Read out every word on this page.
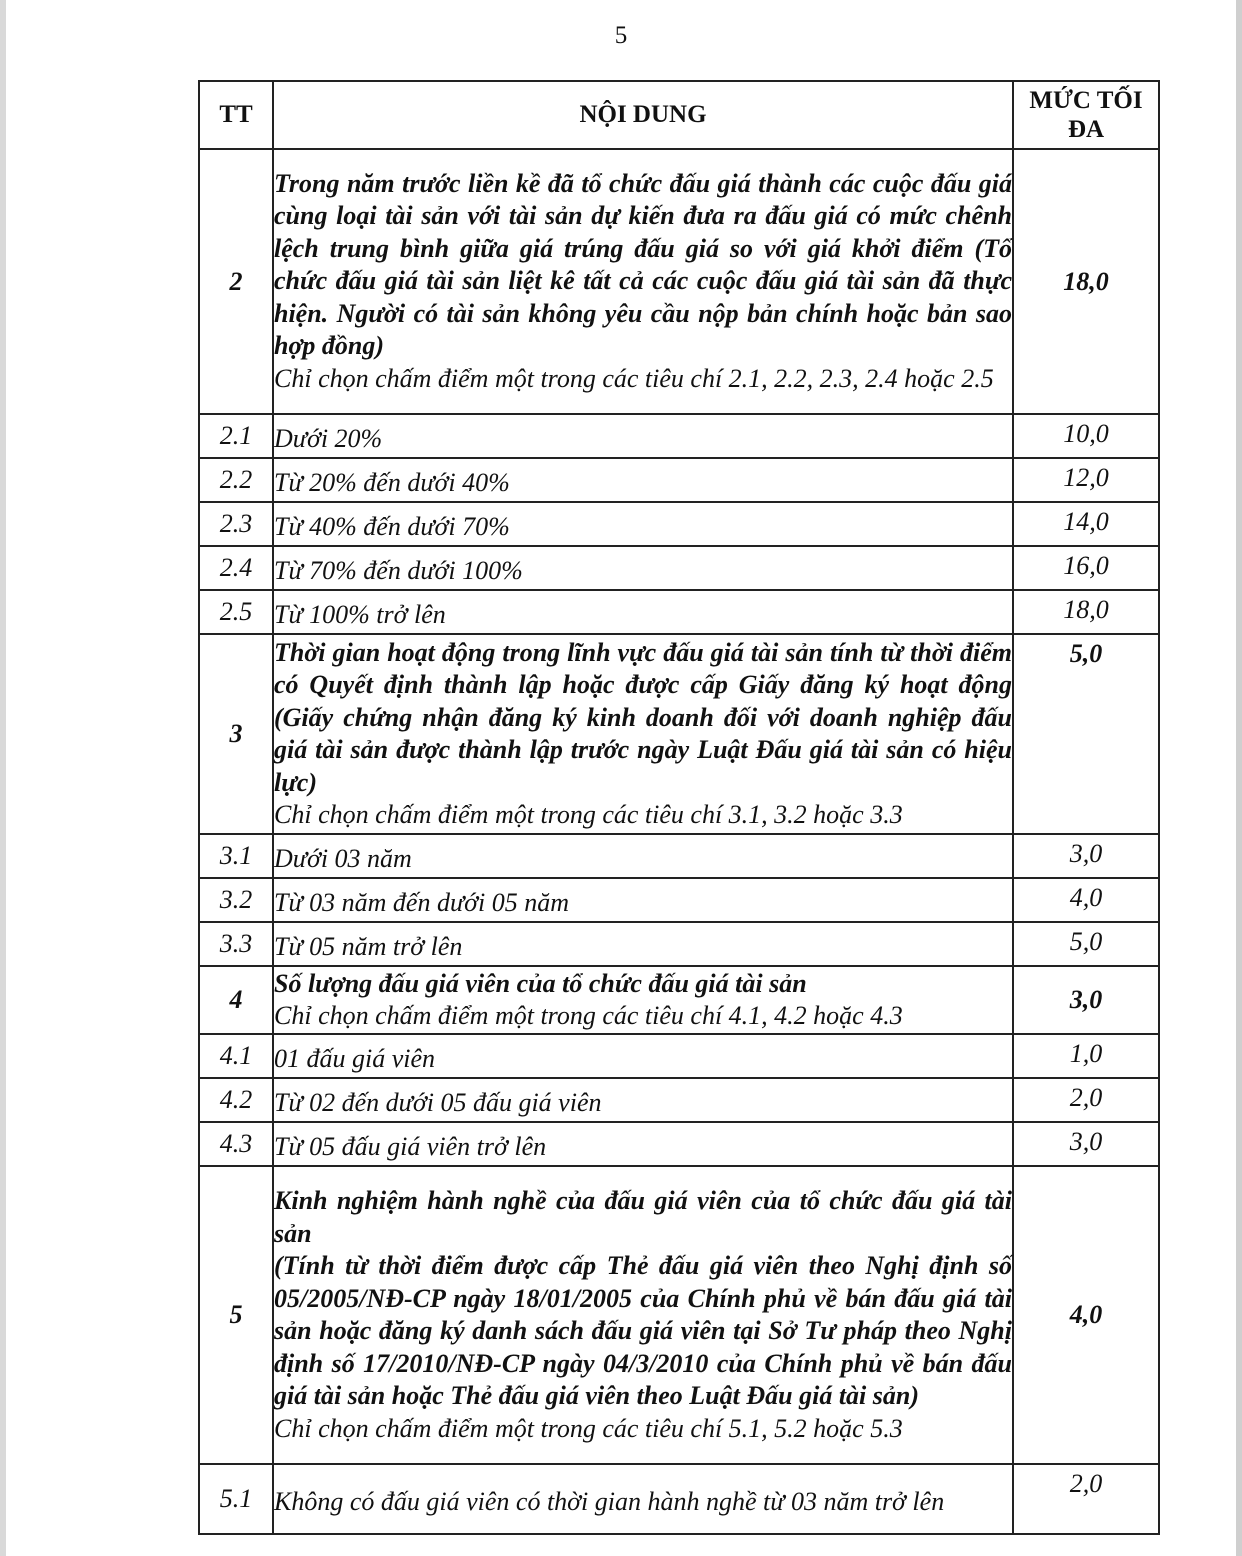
5
TT	NỘI DUNG	MỨC TỐI
ĐA
2	Trong năm trước liền kề đã tổ chức đấu giá thành các cuộc đấu giá cùng loại tài sản với tài sản dự kiến đưa ra đấu giá có mức chênh lệch trung bình giữa giá trúng đấu giá so với giá khởi điểm (Tổ chức đấu giá tài sản liệt kê tất cả các cuộc đấu giá tài sản đã thực hiện. Người có tài sản không yêu cầu nộp bản chính hoặc bản sao hợp đồng)
Chỉ chọn chấm điểm một trong các tiêu chí 2.1, 2.2, 2.3, 2.4 hoặc 2.5	18,0
2.1	Dưới 20%	10,0
2.2	Từ 20% đến dưới 40%	12,0
2.3	Từ 40% đến dưới 70%	14,0
2.4	Từ 70% đến dưới 100%	16,0
2.5	Từ 100% trở lên	18,0
3	Thời gian hoạt động trong lĩnh vực đấu giá tài sản tính từ thời điểm có Quyết định thành lập hoặc được cấp Giấy đăng ký hoạt động (Giấy chứng nhận đăng ký kinh doanh đối với doanh nghiệp đấu giá tài sản được thành lập trước ngày Luật Đấu giá tài sản có hiệu lực)
Chỉ chọn chấm điểm một trong các tiêu chí 3.1, 3.2 hoặc 3.3	5,0
3.1	Dưới 03 năm	3,0
3.2	Từ 03 năm đến dưới 05 năm	4,0
3.3	Từ 05 năm trở lên	5,0
4	Số lượng đấu giá viên của tổ chức đấu giá tài sản
Chỉ chọn chấm điểm một trong các tiêu chí 4.1, 4.2 hoặc 4.3	3,0
4.1	01 đấu giá viên	1,0
4.2	Từ 02 đến dưới 05 đấu giá viên	2,0
4.3	Từ 05 đấu giá viên trở lên	3,0
5	Kinh nghiệm hành nghề của đấu giá viên của tổ chức đấu giá tài sản
(Tính từ thời điểm được cấp Thẻ đấu giá viên theo Nghị định số 05/2005/NĐ-CP ngày 18/01/2005 của Chính phủ về bán đấu giá tài sản hoặc đăng ký danh sách đấu giá viên tại Sở Tư pháp theo Nghị định số 17/2010/NĐ-CP ngày 04/3/2010 của Chính phủ về bán đấu giá tài sản hoặc Thẻ đấu giá viên theo Luật Đấu giá tài sản)
Chỉ chọn chấm điểm một trong các tiêu chí 5.1, 5.2 hoặc 5.3	4,0
5.1	Không có đấu giá viên có thời gian hành nghề từ 03 năm trở lên	2,0
